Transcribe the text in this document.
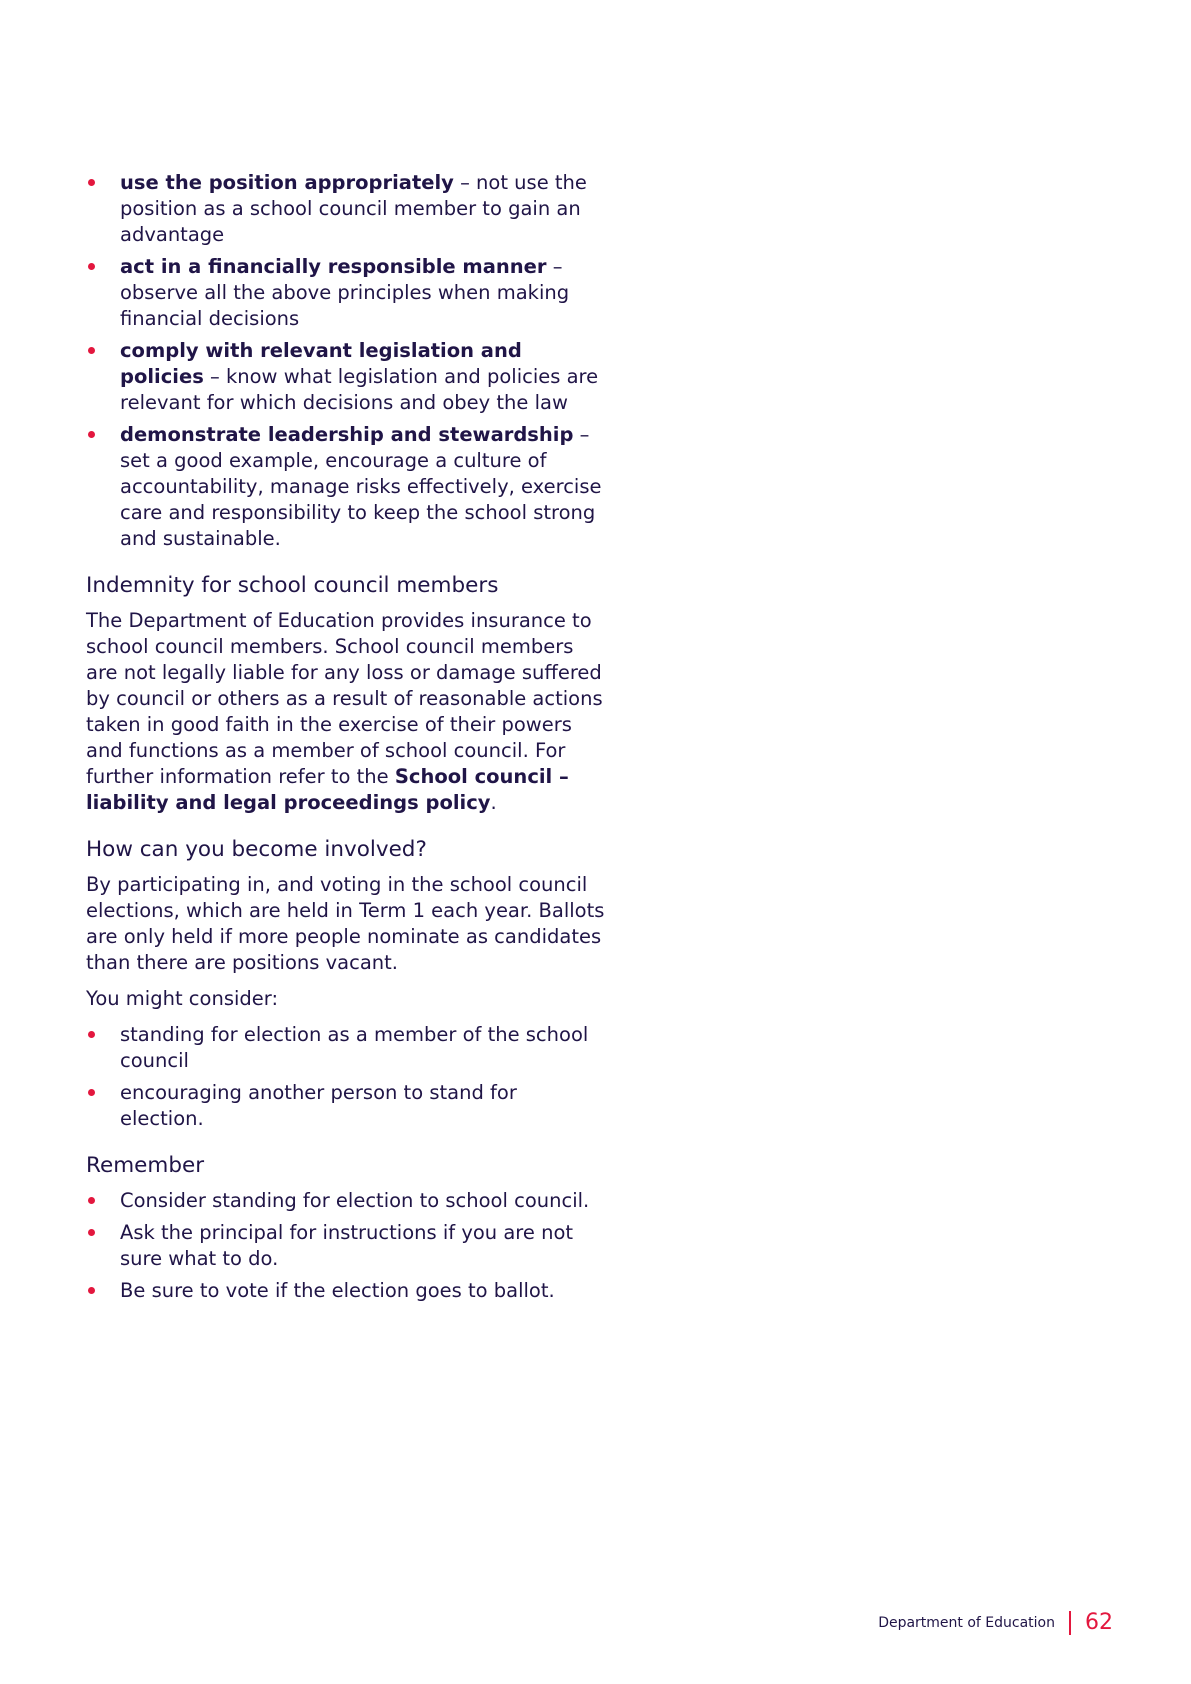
use the position appropriately – not use the position as a school council member to gain an advantage
act in a financially responsible manner – observe all the above principles when making financial decisions
comply with relevant legislation and policies – know what legislation and policies are relevant for which decisions and obey the law
demonstrate leadership and stewardship – set a good example, encourage a culture of accountability, manage risks effectively, exercise care and responsibility to keep the school strong and sustainable.
Indemnity for school council members

The Department of Education provides insurance to school council members. School council members are not legally liable for any loss or damage suffered by council or others as a result of reasonable actions taken in good faith in the exercise of their powers and functions as a member of school council. For further information refer to the School council – liability and legal proceedings policy.

How can you become involved?

By participating in, and voting in the school council elections, which are held in Term 1 each year. Ballots are only held if more people nominate as candidates than there are positions vacant.

You might consider:

standing for election as a member of the school council
encouraging another person to stand for election.
Remember
Consider standing for election to school council.
Ask the principal for instructions if you are not sure what to do.
Be sure to vote if the election goes to ballot.
Department of Education 62
